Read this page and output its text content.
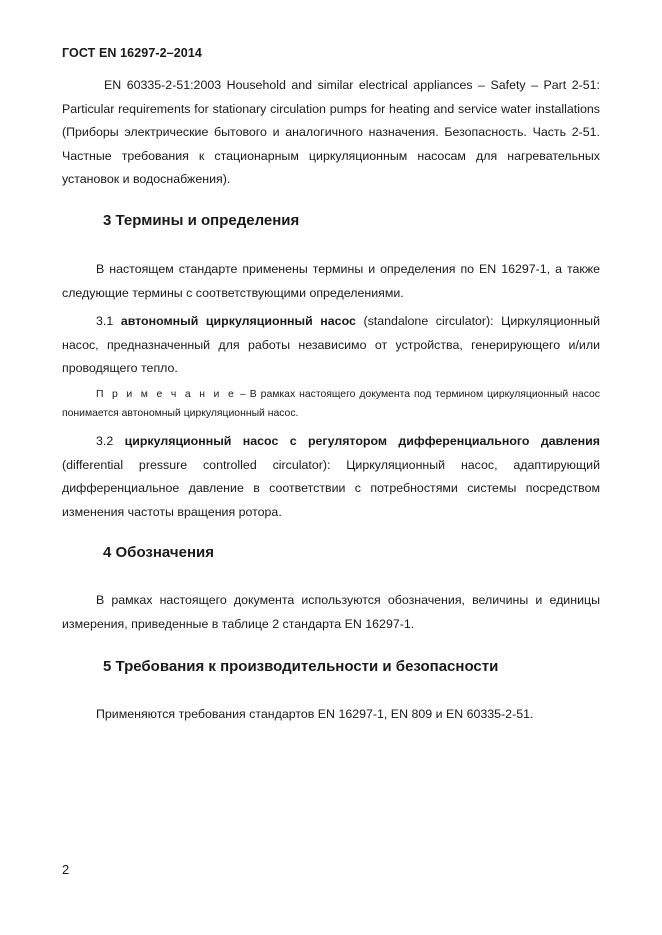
ГОСТ EN 16297-2–2014

EN 60335-2-51:2003 Household and similar electrical appliances – Safety – Part 2-51: Particular requirements for stationary circulation pumps for heating and service water installations (Приборы электрические бытового и аналогичного назначения. Безопасность. Часть 2-51. Частные требования к стационарным циркуляционным насосам для нагревательных установок и водоснабжения).

3 Термины и определения

В настоящем стандарте применены термины и определения по EN 16297-1, а также следующие термины с соответствующими определениями.

3.1 автономный циркуляционный насос (standalone circulator): Циркуляционный насос, предназначенный для работы независимо от устройства, генерирующего и/или проводящего тепло.

П р и м е ч а н и е – В рамках настоящего документа под термином циркуляционный насос понимается автономный циркуляционный насос.

3.2 циркуляционный насос с регулятором дифференциального давления (differential pressure controlled circulator): Циркуляционный насос, адаптирующий дифференциальное давление в соответствии с потребностями системы посредством изменения частоты вращения ротора.

4 Обозначения

В рамках настоящего документа используются обозначения, величины и единицы измерения, приведенные в таблице 2 стандарта EN 16297-1.

5 Требования к производительности и безопасности

Применяются требования стандартов EN 16297-1, EN 809 и EN 60335-2-51.

2
